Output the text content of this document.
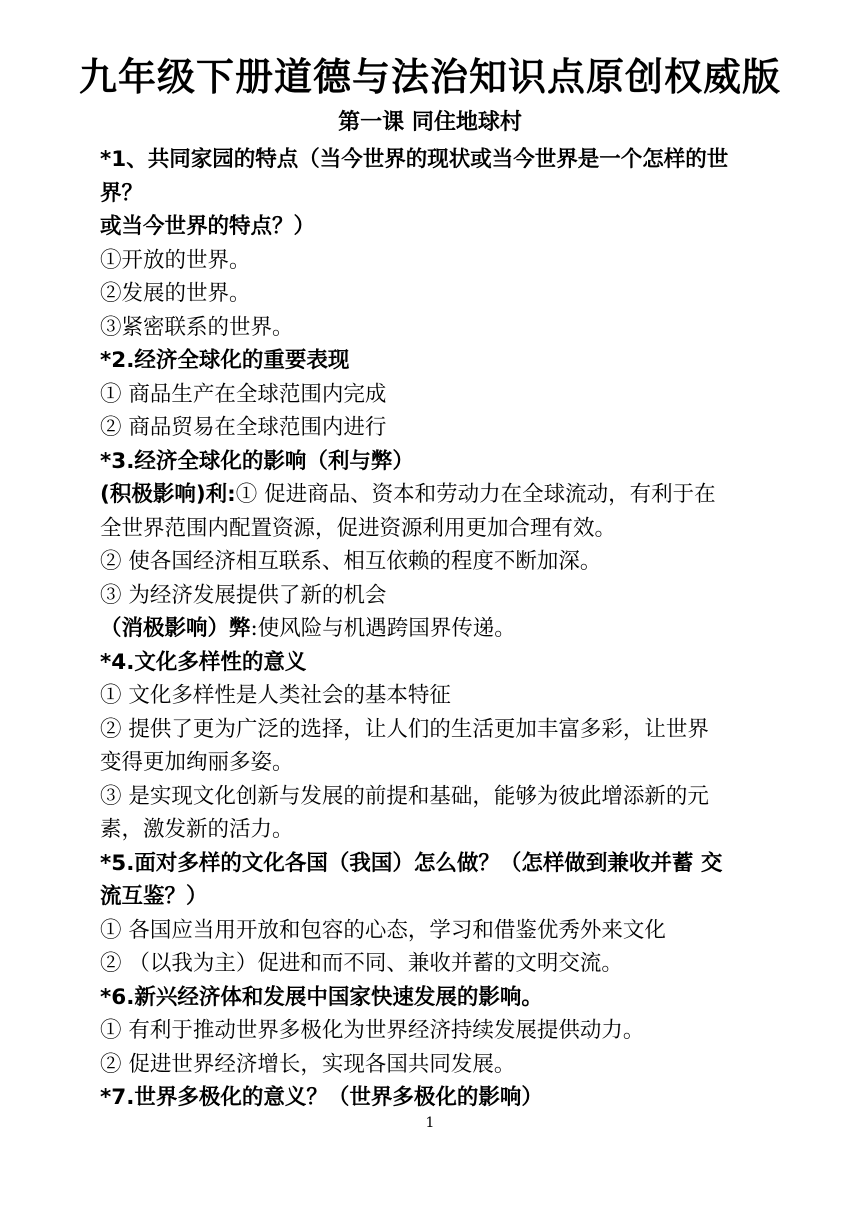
九年级下册道德与法治知识点原创权威版
第一课 同住地球村

*1、共同家园的特点（当今世界的现状或当今世界是一个怎样的世

界？

或当今世界的特点？）

①开放的世界。

②发展的世界。

③紧密联系的世界。

*2.经济全球化的重要表现

① 商品生产在全球范围内完成

② 商品贸易在全球范围内进行

*3.经济全球化的影响（利与弊）

(积极影响)利:① 促进商品、资本和劳动力在全球流动，有利于在

全世界范围内配置资源，促进资源利用更加合理有效。

② 使各国经济相互联系、相互依赖的程度不断加深。

③ 为经济发展提供了新的机会

（消极影响）弊:使风险与机遇跨国界传递。

*4.文化多样性的意义

① 文化多样性是人类社会的基本特征

② 提供了更为广泛的选择，让人们的生活更加丰富多彩，让世界

变得更加绚丽多姿。

③ 是实现文化创新与发展的前提和基础，能够为彼此增添新的元

素，激发新的活力。

*5.面对多样的文化各国（我国）怎么做？（怎样做到兼收并蓄 交

流互鉴？）

① 各国应当用开放和包容的心态，学习和借鉴优秀外来文化

② （以我为主）促进和而不同、兼收并蓄的文明交流。

*6.新兴经济体和发展中国家快速发展的影响。

① 有利于推动世界多极化为世界经济持续发展提供动力。

② 促进世界经济增长，实现各国共同发展。

*7.世界多极化的意义？（世界多极化的影响）

1
